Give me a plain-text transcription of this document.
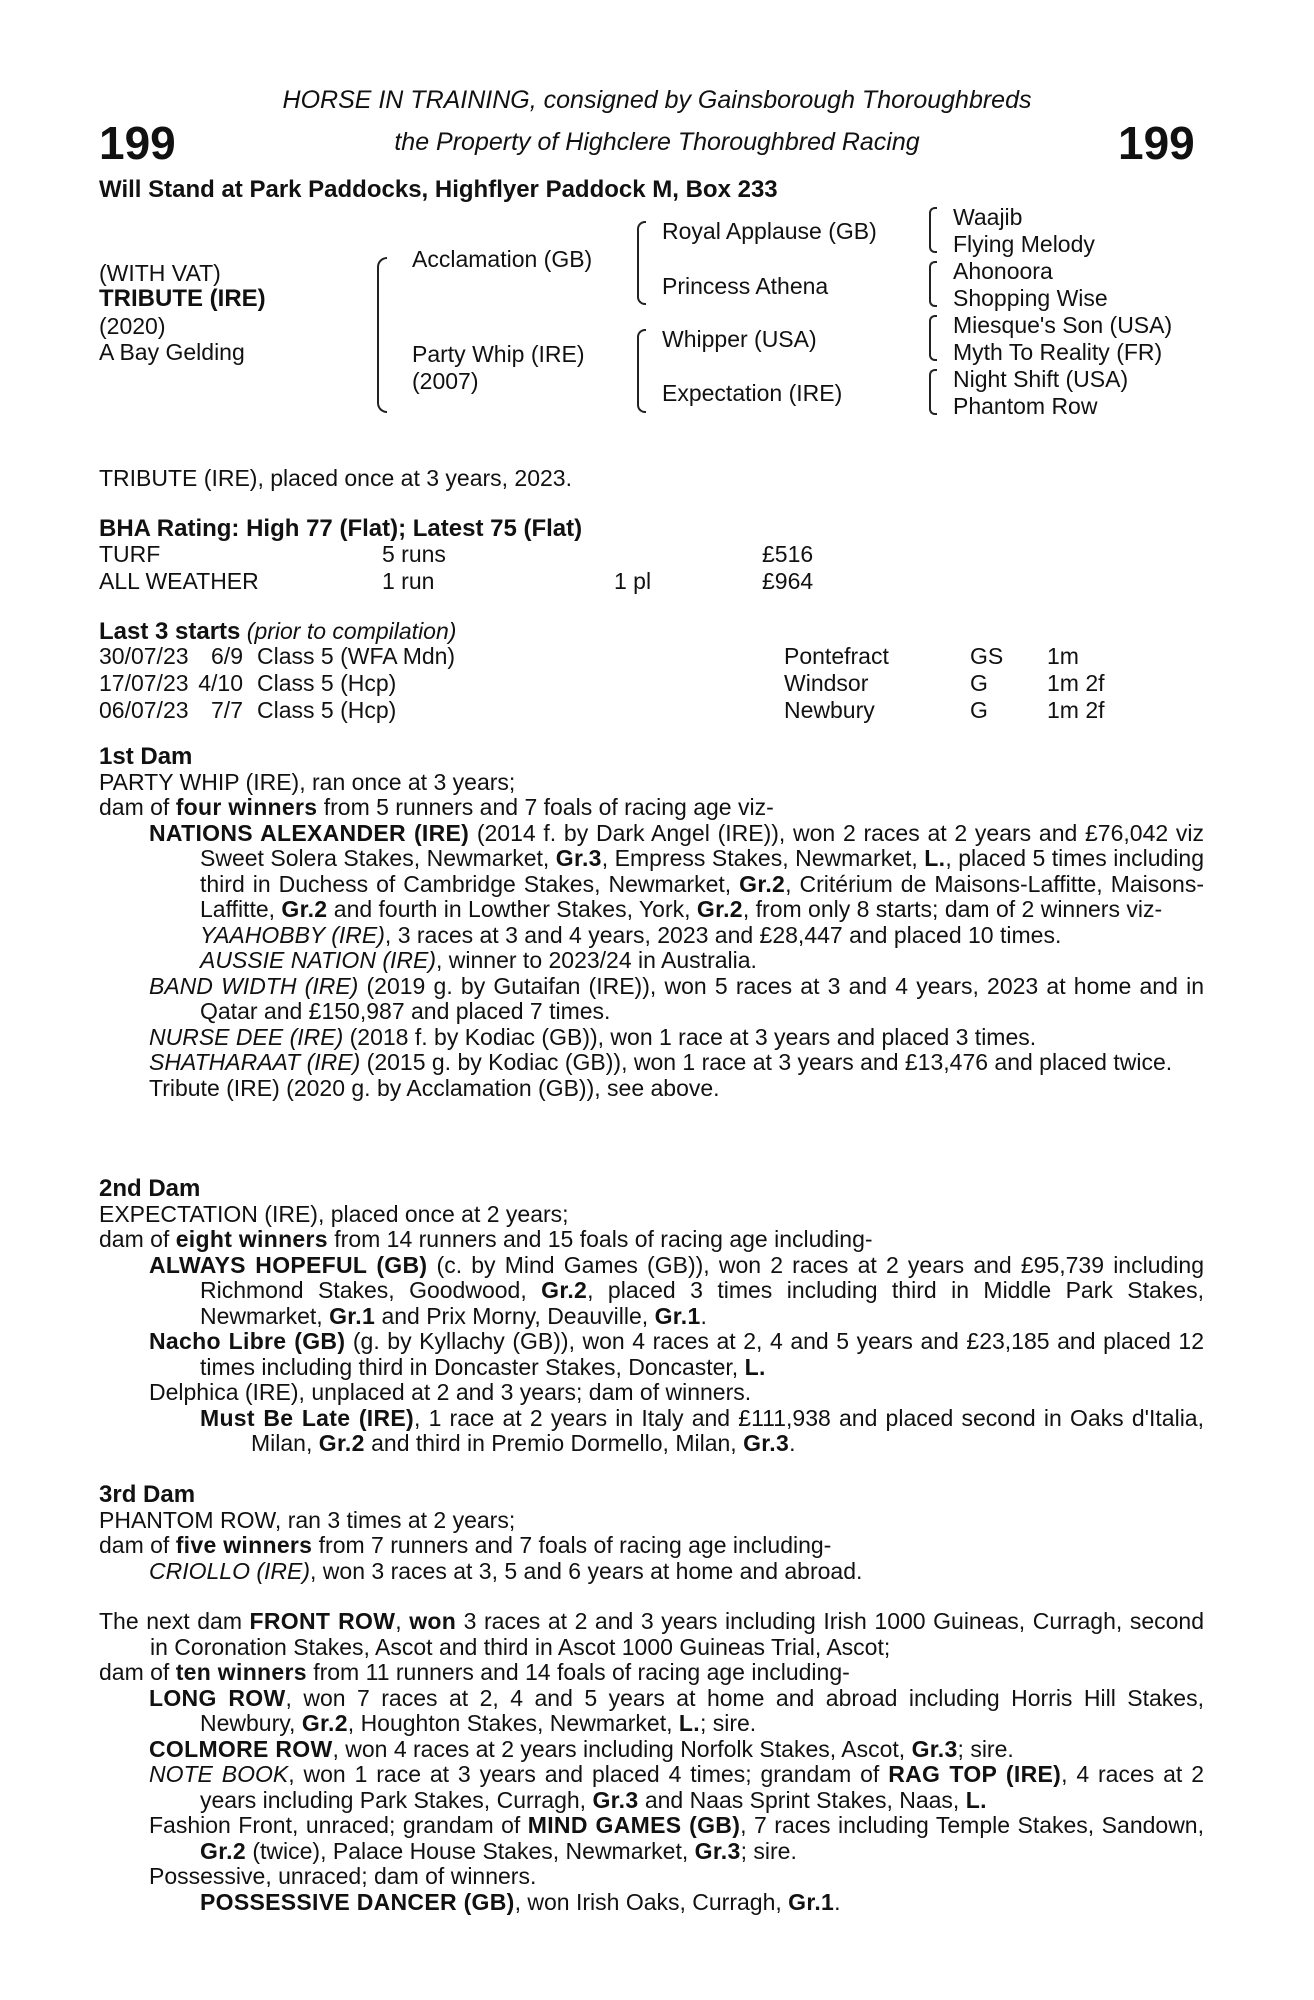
199	199
HORSE IN TRAINING, consigned by Gainsborough Thoroughbreds
the Property of Highclere Thoroughbred Racing
Will Stand at Park Paddocks, Highflyer Paddock M, Box 233
(WITH VAT)
TRIBUTE (IRE)
(2020)
A Bay Gelding
Acclamation (GB)
Party Whip (IRE)
(2007)
Royal Applause (GB)
Princess Athena
Whipper (USA)
Expectation (IRE)
Waajib
Flying Melody
Ahonoora
Shopping Wise
Miesque's Son (USA)
Myth To Reality (FR)
Night Shift (USA)
Phantom Row
TRIBUTE (IRE), placed once at 3 years, 2023.
BHA Rating: High 77 (Flat); Latest 75 (Flat)
TURF	5 runs		£516
ALL WEATHER	1 run	1 pl	£964
Last 3 starts (prior to compilation)
30/07/23	6/9		Class 5 (WFA Mdn)	Pontefract	GS	1m
17/07/23	4/10		Class 5 (Hcp)	Windsor	G	1m 2f
06/07/23	7/7		Class 5 (Hcp)	Newbury	G	1m 2f

1st Dam

PARTY WHIP (IRE), ran once at 3 years;

dam of four winners from 5 runners and 7 foals of racing age viz-

NATIONS ALEXANDER (IRE) (2014 f. by Dark Angel (IRE)), won 2 races at 2 years and £76,042 viz Sweet Solera Stakes, Newmarket, Gr.3, Empress Stakes, Newmarket, L., placed 5 times including third in Duchess of Cambridge Stakes, Newmarket, Gr.2, Critérium de Maisons-Laffitte, Maisons-Laffitte, Gr.2 and fourth in Lowther Stakes, York, Gr.2, from only 8 starts; dam of 2 winners viz-

YAAHOBBY (IRE), 3 races at 3 and 4 years, 2023 and £28,447 and placed 10 times.

AUSSIE NATION (IRE), winner to 2023/24 in Australia.

BAND WIDTH (IRE) (2019 g. by Gutaifan (IRE)), won 5 races at 3 and 4 years, 2023 at home and in Qatar and £150,987 and placed 7 times.

NURSE DEE (IRE) (2018 f. by Kodiac (GB)), won 1 race at 3 years and placed 3 times.

SHATHARAAT (IRE) (2015 g. by Kodiac (GB)), won 1 race at 3 years and £13,476 and placed twice.

Tribute (IRE) (2020 g. by Acclamation (GB)), see above.

2nd Dam

EXPECTATION (IRE), placed once at 2 years;

dam of eight winners from 14 runners and 15 foals of racing age including-

ALWAYS HOPEFUL (GB) (c. by Mind Games (GB)), won 2 races at 2 years and £95,739 including Richmond Stakes, Goodwood, Gr.2, placed 3 times including third in Middle Park Stakes, Newmarket, Gr.1 and Prix Morny, Deauville, Gr.1.

Nacho Libre (GB) (g. by Kyllachy (GB)), won 4 races at 2, 4 and 5 years and £23,185 and placed 12 times including third in Doncaster Stakes, Doncaster, L.

Delphica (IRE), unplaced at 2 and 3 years; dam of winners.

Must Be Late (IRE), 1 race at 2 years in Italy and £111,938 and placed second in Oaks d'Italia, Milan, Gr.2 and third in Premio Dormello, Milan, Gr.3.

3rd Dam

PHANTOM ROW, ran 3 times at 2 years;

dam of five winners from 7 runners and 7 foals of racing age including-

CRIOLLO (IRE), won 3 races at 3, 5 and 6 years at home and abroad.

The next dam FRONT ROW, won 3 races at 2 and 3 years including Irish 1000 Guineas, Curragh, second in Coronation Stakes, Ascot and third in Ascot 1000 Guineas Trial, Ascot;

dam of ten winners from 11 runners and 14 foals of racing age including-

LONG ROW, won 7 races at 2, 4 and 5 years at home and abroad including Horris Hill Stakes, Newbury, Gr.2, Houghton Stakes, Newmarket, L.; sire.

COLMORE ROW, won 4 races at 2 years including Norfolk Stakes, Ascot, Gr.3; sire.

NOTE BOOK, won 1 race at 3 years and placed 4 times; grandam of RAG TOP (IRE), 4 races at 2 years including Park Stakes, Curragh, Gr.3 and Naas Sprint Stakes, Naas, L.

Fashion Front, unraced; grandam of MIND GAMES (GB), 7 races including Temple Stakes, Sandown, Gr.2 (twice), Palace House Stakes, Newmarket, Gr.3; sire.

Possessive, unraced; dam of winners.

POSSESSIVE DANCER (GB), won Irish Oaks, Curragh, Gr.1.
